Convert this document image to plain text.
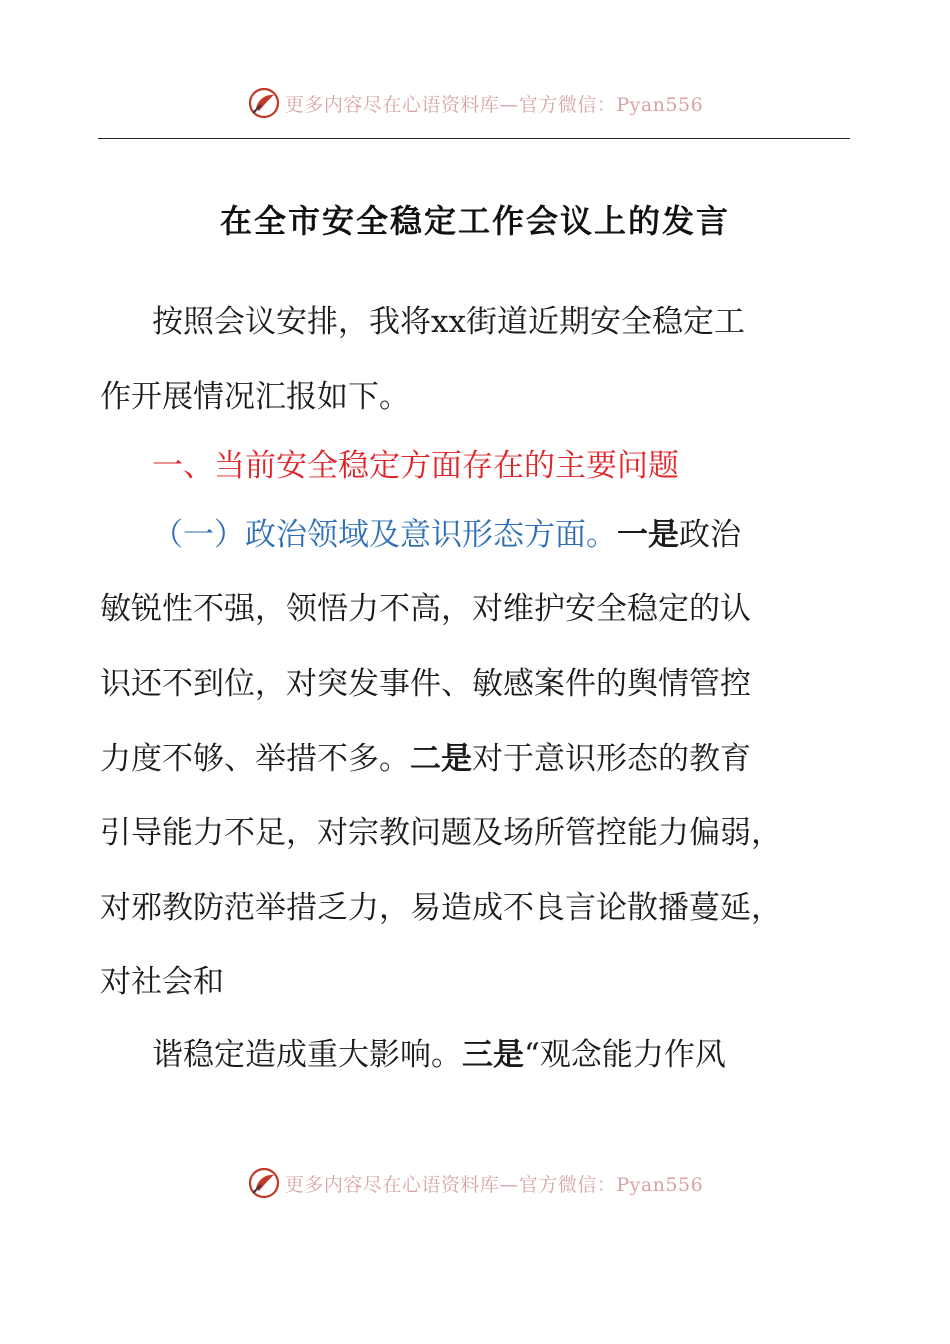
更多内容尽在心语资料库—官方微信：Pyan556
在全市安全稳定工作会议上的发言
按照会议安排，我将xx街道近期安全稳定工
作开展情况汇报如下。
一、当前安全稳定方面存在的主要问题
（一）政治领域及意识形态方面。一是政治
敏锐性不强，领悟力不高，对维护安全稳定的认
识还不到位，对突发事件、敏感案件的舆情管控
力度不够、举措不多。二是对于意识形态的教育
引导能力不足，对宗教问题及场所管控能力偏弱，
对邪教防范举措乏力，易造成不良言论散播蔓延，
对社会和
谐稳定造成重大影响。三是“观念能力作风
更多内容尽在心语资料库—官方微信：Pyan556
